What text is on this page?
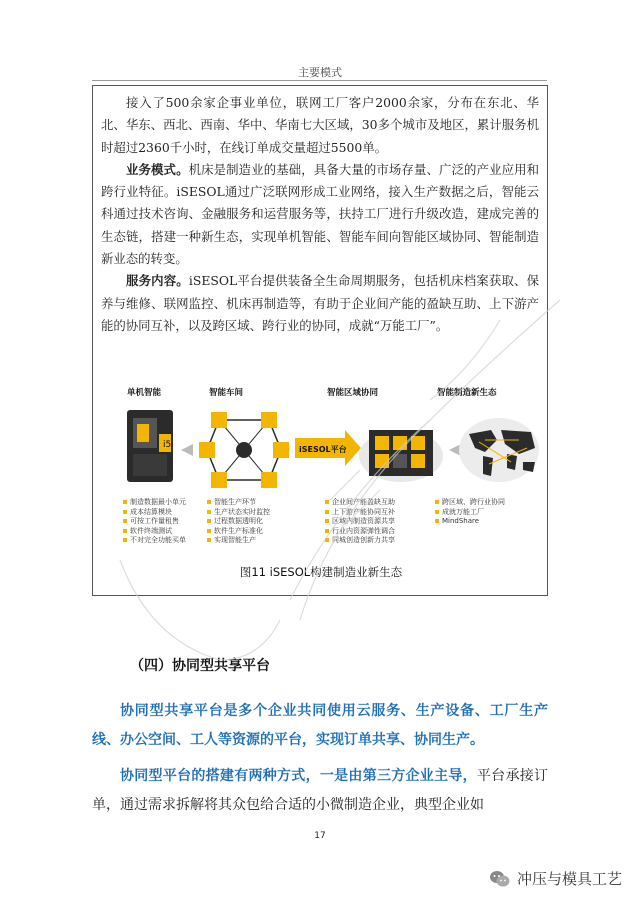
主要模式

接入了500余家企事业单位，联网工厂客户2000余家，分布在东北、华北、华东、西北、西南、华中、华南七大区域，30多个城市及地区，累计服务机时超过2360千小时，在线订单成交量超过5500单。

业务模式。机床是制造业的基础，具备大量的市场存量、广泛的产业应用和跨行业特征。iSESOL通过广泛联网形成工业网络，接入生产数据之后，智能云科通过技术咨询、金融服务和运营服务等，扶持工厂进行升级改造，建成完善的生态链，搭建一种新生态，实现单机智能、智能车间向智能区域协同、智能制造新业态的转变。

服务内容。iSESOL平台提供装备全生命周期服务，包括机床档案获取、保养与维修、联网监控、机床再制造等，有助于企业间产能的盈缺互助、上下游产能的协同互补，以及跨区域、跨行业的协同，成就“万能工厂”。

单机智能	智能车间	智能区域协同	智能制造新生态
i5	iSESOL平台
制造数据最小单元
成本结算模块
可按工作量租售
软件终端测试
不对完全功能买单
智能生产环节
生产状态实时监控
过程数据透明化
软件生产标准化
实现智能生产
企业间产能盈缺互助
上下游产能协同互补
区域内制造资源共享
行业内资源弹性调合
同城创造创新力共享
跨区域、跨行业协同
成就万能工厂
MindShare
图11 iSESOL构建制造业新生态
（四）协同型共享平台

协同型共享平台是多个企业共同使用云服务、生产设备、工厂生产线、办公空间、工人等资源的平台，实现订单共享、协同生产。

协同型平台的搭建有两种方式，一是由第三方企业主导，平台承接订单，通过需求拆解将其众包给合适的小微制造企业，典型企业如

17
冲压与模具工艺
